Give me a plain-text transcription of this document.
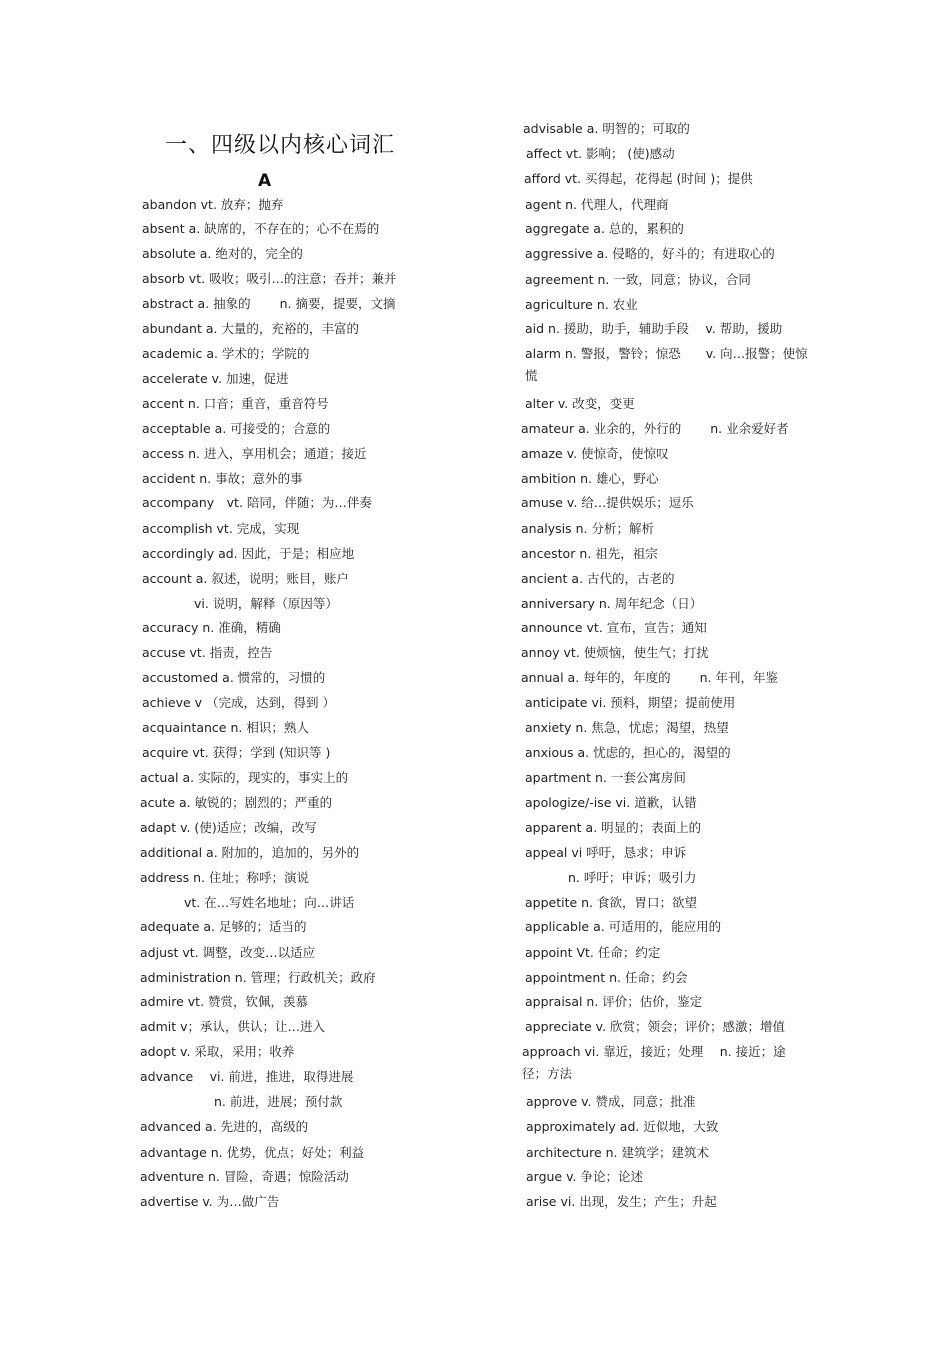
一、四级以内核心词汇
A
abandon vt. 放弃；抛弃
absent a. 缺席的，不存在的；心不在焉的
absolute a. 绝对的，完全的
absorb vt. 吸收；吸引…的注意；吞并；兼并
abstract a. 抽象的　　 n. 摘要，提要，文摘
abundant a. 大量的，充裕的，丰富的
academic a. 学术的；学院的
accelerate v. 加速，促进
accent n. 口音；重音，重音符号
acceptable a. 可接受的；合意的
access n. 进入，享用机会；通道；接近
accident n. 事故；意外的事
accompany　vt. 陪同，伴随；为…伴奏
accomplish vt. 完成，实现
accordingly ad. 因此，于是；相应地
account a. 叙述，说明；账目，账户
vi. 说明，解释（原因等）
accuracy n. 准确，精确
accuse vt. 指责，控告
accustomed a. 惯常的，习惯的
achieve v （完成，达到，得到 ）
acquaintance n. 相识；熟人
acquire vt. 获得；学到 (知识等 )
actual a. 实际的，现实的，事实上的
acute a. 敏锐的；剧烈的；严重的
adapt v. (使)适应；改编，改写
additional a. 附加的，追加的，另外的
address n. 住址；称呼；演说
vt. 在…写姓名地址；向…讲话
adequate a. 足够的；适当的
adjust vt. 调整，改变…以适应
administration n. 管理；行政机关；政府
admire vt. 赞赏，钦佩，羡慕
admit v；承认，供认；让…进入
adopt v. 采取，采用；收养
advance　 vi. 前进，推进，取得进展
n. 前进，进展；预付款
advanced a. 先进的，高级的
advantage n. 优势，优点；好处；利益
adventure n. 冒险，奇遇；惊险活动
advertise v. 为…做广告
advisable a. 明智的；可取的
affect vt. 影响； (使)感动
afford vt. 买得起，花得起 (时间 )；提供
agent n. 代理人，代理商
aggregate a. 总的，累积的
aggressive a. 侵略的，好斗的；有进取心的
agreement n. 一致，同意；协议，合同
agriculture n. 农业
aid n. 援助，助手，辅助手段　 v. 帮助，援助
alarm n. 警报，警铃；惊恐　　v. 向…报警；使惊慌
alter v. 改变，变更
amateur a. 业余的，外行的　　 n. 业余爱好者
amaze v. 使惊奇，使惊叹
ambition n. 雄心，野心
amuse v. 给…提供娱乐；逗乐
analysis n. 分析；解析
ancestor n. 祖先，祖宗
ancient a. 古代的，古老的
anniversary n. 周年纪念（日）
announce vt. 宣布，宣告；通知
annoy vt. 使烦恼，使生气；打扰
annual a. 每年的，年度的　　 n. 年刊，年鉴
anticipate vi. 预料，期望；提前使用
anxiety n. 焦急，忧虑；渴望，热望
anxious a. 忧虑的，担心的，渴望的
apartment n. 一套公寓房间
apologize/-ise vi. 道歉，认错
apparent a. 明显的；表面上的
appeal vi 呼吁，恳求；申诉
n. 呼吁；申诉；吸引力
appetite n. 食欲，胃口；欲望
applicable a. 可适用的，能应用的
appoint Vt. 任命；约定
appointment n. 任命；约会
appraisal n. 评价；估价，鉴定
appreciate v. 欣赏；领会；评价；感激；增值
approach vi. 靠近，接近；处理　 n. 接近；途径；方法
approve v. 赞成，同意；批准
approximately ad. 近似地，大致
architecture n. 建筑学；建筑术
argue v. 争论；论述
arise vi. 出现，发生；产生；升起
